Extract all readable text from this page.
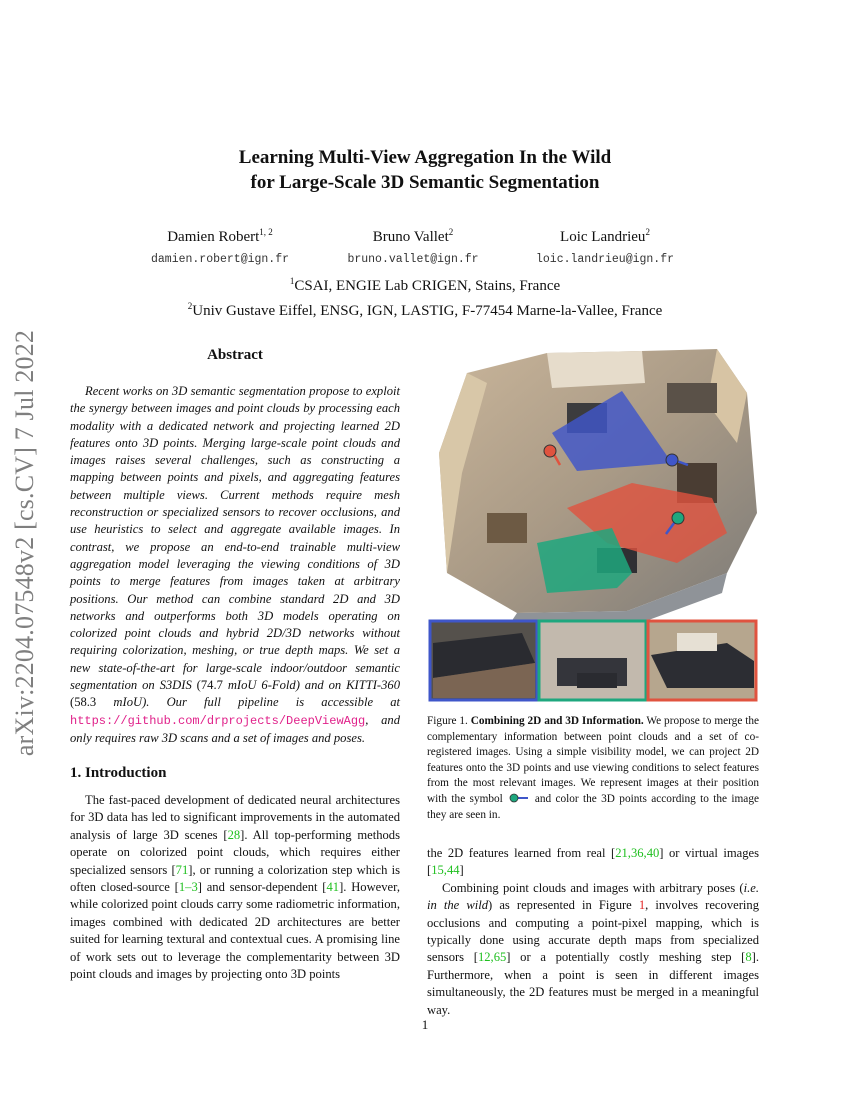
arXiv:2204.07548v2 [cs.CV] 7 Jul 2022
Learning Multi-View Aggregation In the Wild
for Large-Scale 3D Semantic Segmentation
Damien Robert$^{1, 2}$
damien.robert@ign.fr
Bruno Vallet$^2$
bruno.vallet@ign.fr
Loic Landrieu$^2$
loic.landrieu@ign.fr
$^1$CSAI, ENGIE Lab CRIGEN, Stains, France
$^2$Univ Gustave Eiffel, ENSG, IGN, LASTIG, F-77454 Marne-la-Vallee, France
Abstract
Recent works on 3D semantic segmentation propose to exploit the synergy between images and point clouds by processing each modality with a dedicated network and projecting learned 2D features onto 3D points. Merging large-scale point clouds and images raises several challenges, such as constructing a mapping between points and pixels, and aggregating features between multiple views. Current methods require mesh reconstruction or specialized sensors to recover occlusions, and use heuristics to select and aggregate available images. In contrast, we propose an end-to-end trainable multi-view aggregation model leveraging the viewing conditions of 3D points to merge features from images taken at arbitrary positions. Our method can combine standard 2D and 3D networks and outperforms both 3D models operating on colorized point clouds and hybrid 2D/3D networks without requiring colorization, meshing, or true depth maps. We set a new state-of-the-art for large-scale indoor/outdoor semantic segmentation on S3DIS (74.7 mIoU 6-Fold) and on KITTI-360 (58.3 mIoU). Our full pipeline is accessible at https://github.com/drprojects/DeepViewAgg, and only requires raw 3D scans and a set of images and poses.
1. Introduction
The fast-paced development of dedicated neural architectures for 3D data has led to significant improvements in the automated analysis of large 3D scenes [28]. All top-performing methods operate on colorized point clouds, which requires either specialized sensors [71], or running a colorization step which is often closed-source [1–3] and sensor-dependent [41]. However, while colorized point clouds carry some radiometric information, images combined with dedicated 2D architectures are better suited for learning textural and contextual cues. A promising line of work sets out to leverage the complementarity between 3D point clouds and images by projecting onto 3D points
Figure 1. Combining 2D and 3D Information. We propose to merge the complementary information between point clouds and a set of co-registered images. Using a simple visibility model, we can project 2D features onto the 3D points and use viewing conditions to select features from the most relevant images. We represent images at their position with the symbol	and color the 3D points according to the image they are seen in.

the 2D features learned from real [21,36,40] or virtual images [15,44]

Combining point clouds and images with arbitrary poses (i.e. in the wild) as represented in Figure 1, involves recovering occlusions and computing a point-pixel mapping, which is typically done using accurate depth maps from specialized sensors [12,65] or a potentially costly meshing step [8]. Furthermore, when a point is seen in different images simultaneously, the 2D features must be merged in a meaningful way.

1
